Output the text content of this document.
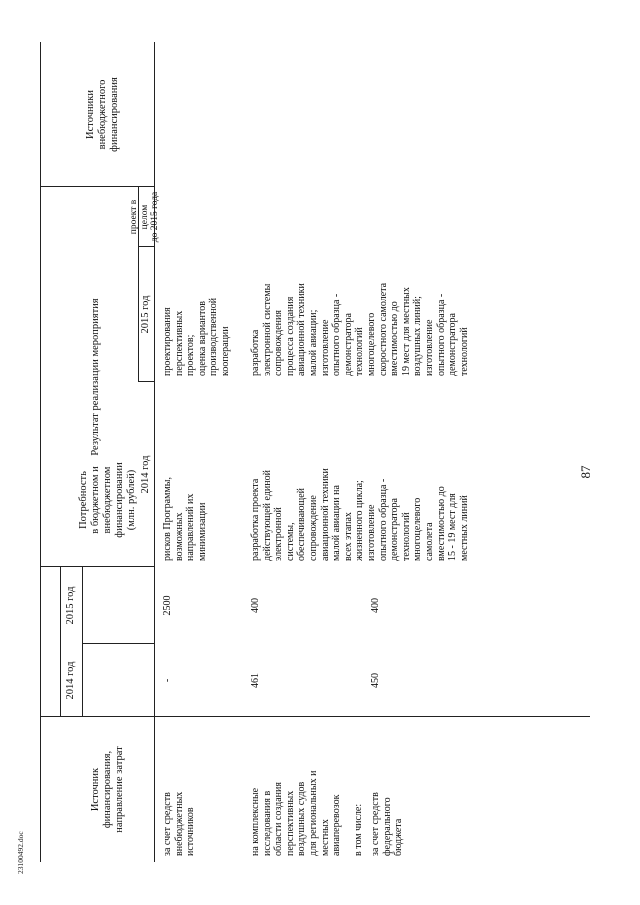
87
Источник
финансирования,
направление затрат
2014 год
2015 год
Результат реализации мероприятия
2014 год
2015 год
проект в целом
до 2015 года
Источники
внебюджетного
финансирования
за счет средств
внебюджетных
источников
-
2500
рисков Программы,
возможных
направлений их
минимизации
проектирования
перспективных
проектов;
оценка вариантов
производственной
кооперации
на комплексные
исследования в
области создания
перспективных
воздушных судов
для региональных и
местных
авиаперевозок
461
400
разработка проекта
действующей единой
электронной
системы,
обеспечивающей
сопровождение
авиационной техники
малой авиации на
всех этапах
жизненного цикла;
изготовление
опытного образца -
демонстратора
технологий
многоцелевого
самолета
вместимостью до
15 - 19 мест для
местных линий
разработка
электронной системы
сопровождения
процесса создания
авиационной техники
малой авиации;
изготовление
опытного образца -
демонстратора
технологий
многоцелевого
скоростного самолета
вместимостью до
19 мест для местных
воздушных линий;
изготовление
опытного образца -
демонстратора
технологий
в том числе: за счет средств
федерального
бюджета
450
400

Потребность
в бюджетном и
внебюджетном
финансировании
(млн. рублей)

23100492.doc
